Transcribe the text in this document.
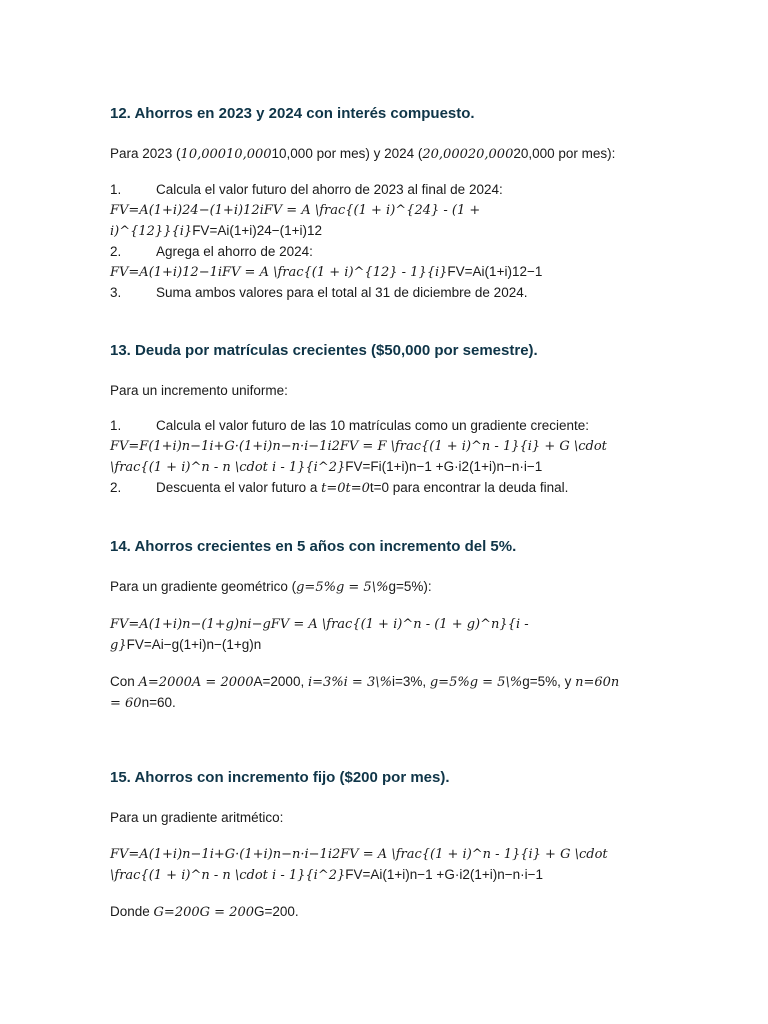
12. Ahorros en 2023 y 2024 con interés compuesto.

Para 2023 (10,00010,00010,000 por mes) y 2024 (20,00020,00020,000 por mes):

1.	Calcula el valor futuro del ahorro de 2023 al final de 2024:

FV=A(1+i)24−(1+i)12iFV = A \frac{(1 + i)^{24} - (1 +
i)^{12}}{i}FV=Ai(1+i)24−(1+i)12

2.	Agrega el ahorro de 2024:

FV=A(1+i)12−1iFV = A \frac{(1 + i)^{12} - 1}{i}FV=Ai(1+i)12−1

3.	Suma ambos valores para el total al 31 de diciembre de 2024.
13. Deuda por matrículas crecientes ($50,000 por semestre).

Para un incremento uniforme:

1.	Calcula el valor futuro de las 10 matrículas como un gradiente creciente:

FV=F(1+i)n−1i+G·(1+i)n−n·i−1i2FV = F \frac{(1 + i)^n - 1}{i} + G \cdot
\frac{(1 + i)^n - n \cdot i - 1}{i^2}FV=Fi(1+i)n−1 +G·i2(1+i)n−n·i−1

2.	Descuenta el valor futuro a t=0t=0t=0 para encontrar la deuda final.
14. Ahorros crecientes en 5 años con incremento del 5%.

Para un gradiente geométrico (g=5%g = 5\%g=5%):

FV=A(1+i)n−(1+g)ni−gFV = A \frac{(1 + i)^n - (1 + g)^n}{i -
g}FV=Ai−g(1+i)n−(1+g)n

Con A=2000A = 2000A=2000, i=3%i = 3\%i=3%, g=5%g = 5\%g=5%, y n=60n
= 60n=60.

15. Ahorros con incremento fijo ($200 por mes).

Para un gradiente aritmético:

FV=A(1+i)n−1i+G·(1+i)n−n·i−1i2FV = A \frac{(1 + i)^n - 1}{i} + G \cdot
\frac{(1 + i)^n - n \cdot i - 1}{i^2}FV=Ai(1+i)n−1 +G·i2(1+i)n−n·i−1

Donde G=200G = 200G=200.
